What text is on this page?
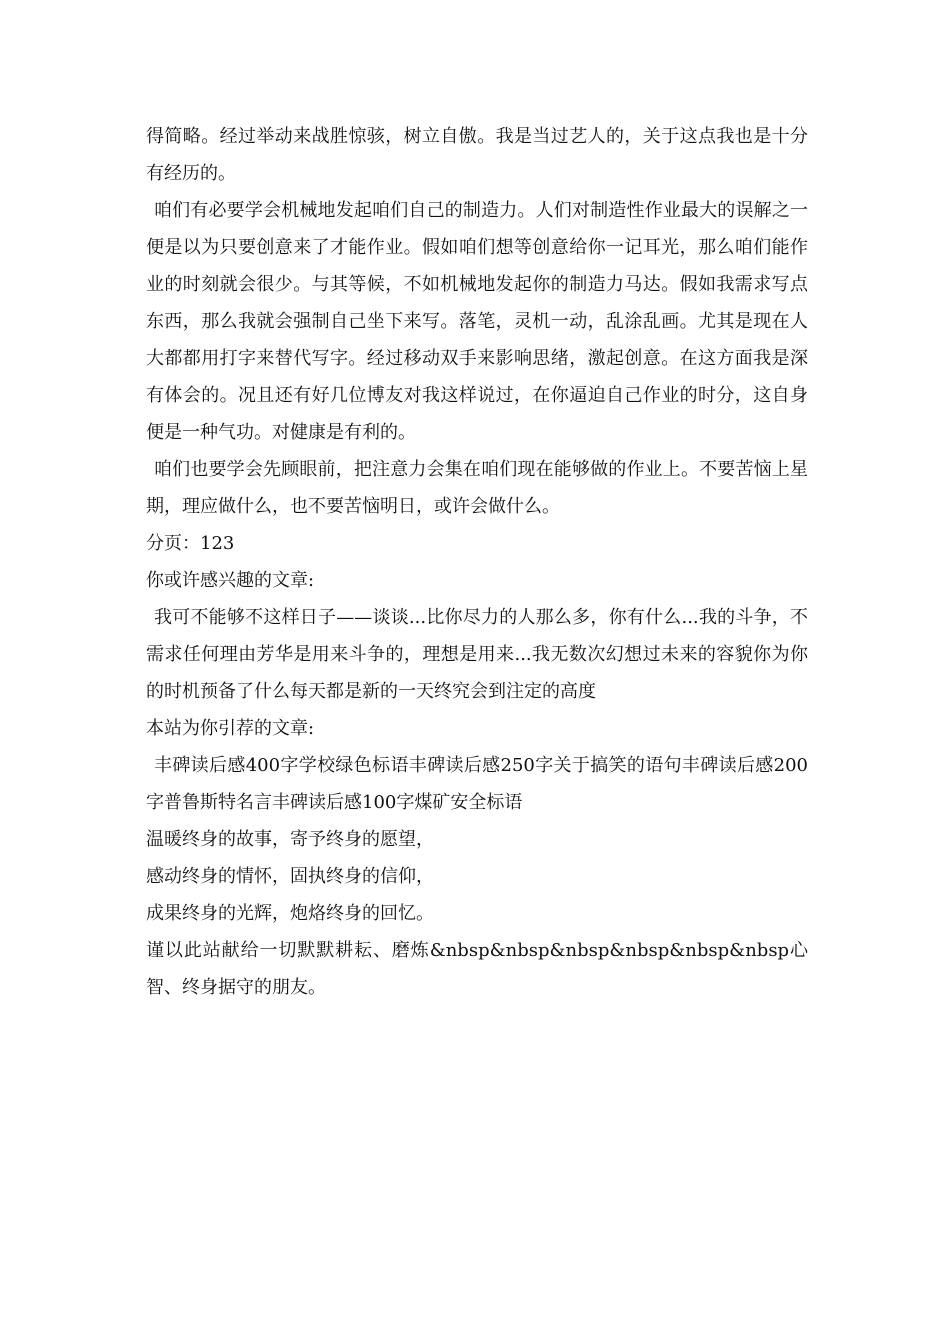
得简略。经过举动来战胜惊骇，树立自傲。我是当过艺人的，关于这点我也是十分有经历的。

咱们有必要学会机械地发起咱们自己的制造力。人们对制造性作业最大的误解之一便是以为只要创意来了才能作业。假如咱们想等创意给你一记耳光，那么咱们能作业的时刻就会很少。与其等候，不如机械地发起你的制造力马达。假如我需求写点东西，那么我就会强制自己坐下来写。落笔，灵机一动，乱涂乱画。尤其是现在人大都都用打字来替代写字。经过移动双手来影响思绪，激起创意。在这方面我是深有体会的。况且还有好几位博友对我这样说过，在你逼迫自己作业的时分，这自身便是一种气功。对健康是有利的。

咱们也要学会先顾眼前，把注意力会集在咱们现在能够做的作业上。不要苦恼上星期，理应做什么，也不要苦恼明日，或许会做什么。

分页：123

你或许感兴趣的文章:

我可不能够不这样日子——谈谈...比你尽力的人那么多，你有什么...我的斗争，不需求任何理由芳华是用来斗争的，理想是用来...我无数次幻想过未来的容貌你为你的时机预备了什么每天都是新的一天终究会到注定的高度

本站为你引荐的文章:

丰碑读后感400字学校绿色标语丰碑读后感250字关于搞笑的语句丰碑读后感200字普鲁斯特名言丰碑读后感100字煤矿安全标语

温暖终身的故事，寄予终身的愿望，

感动终身的情怀，固执终身的信仰，

成果终身的光辉，炮烙终身的回忆。

谨以此站献给一切默默耕耘、磨炼&nbsp&nbsp&nbsp&nbsp&nbsp&nbsp心智、终身据守的朋友。
